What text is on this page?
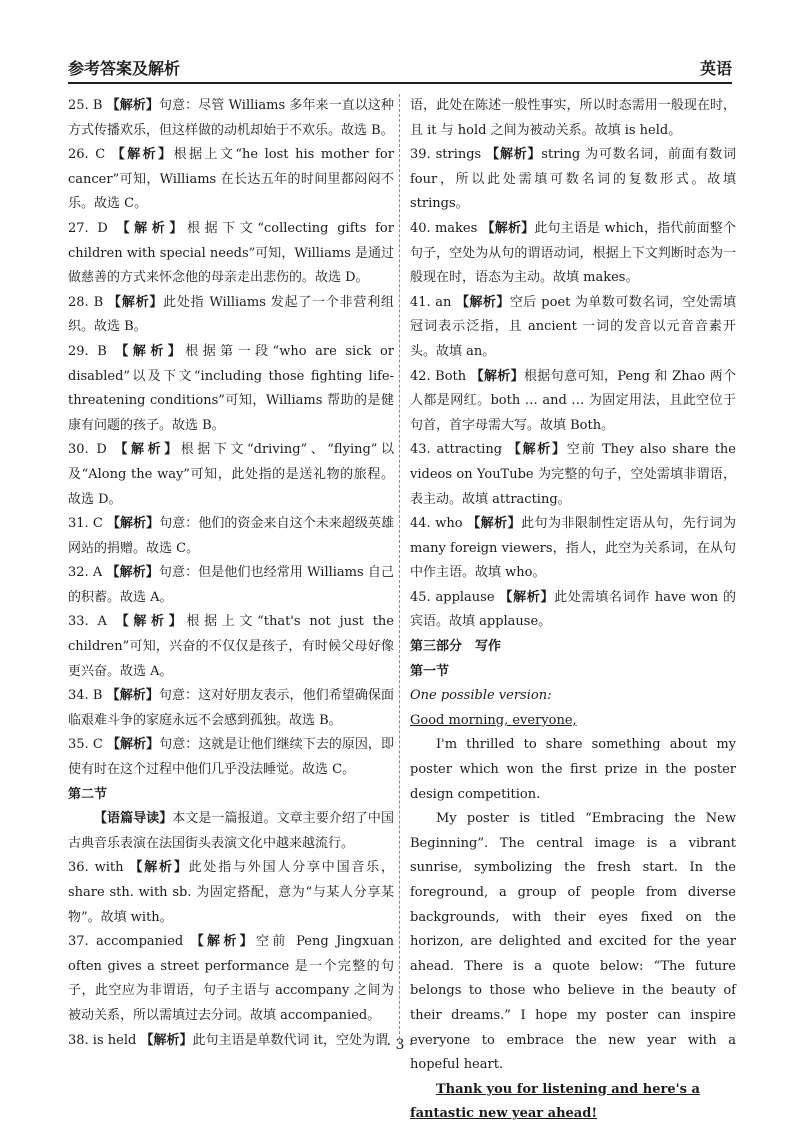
参考答案及解析	英语

25. B 【解析】句意：尽管 Williams 多年来一直以这种方式传播欢乐，但这样做的动机却始于不欢乐。故选 B。

26. C 【解析】根据上文“he lost his mother for cancer”可知，Williams 在长达五年的时间里都闷闷不乐。故选 C。

27. D 【解析】根据下文“collecting gifts for children with special needs”可知，Williams 是通过做慈善的方式来怀念他的母亲走出悲伤的。故选 D。

28. B 【解析】此处指 Williams 发起了一个非营利组织。故选 B。

29. B 【解析】根据第一段“who are sick or disabled”以及下文“including those fighting life-threatening conditions”可知，Williams 帮助的是健康有问题的孩子。故选 B。

30. D 【解析】根据下文“driving”、“flying”以及“Along the way”可知，此处指的是送礼物的旅程。故选 D。

31. C 【解析】句意：他们的资金来自这个未来超级英雄网站的捐赠。故选 C。

32. A 【解析】句意：但是他们也经常用 Williams 自己的积蓄。故选 A。

33. A 【解析】根据上文“that's not just the children”可知，兴奋的不仅仅是孩子，有时候父母好像更兴奋。故选 A。

34. B 【解析】句意：这对好朋友表示，他们希望确保面临艰难斗争的家庭永远不会感到孤独。故选 B。

35. C 【解析】句意：这就是让他们继续下去的原因，即使有时在这个过程中他们几乎没法睡觉。故选 C。

第二节

【语篇导读】本文是一篇报道。文章主要介绍了中国古典音乐表演在法国街头表演文化中越来越流行。

36. with 【解析】此处指与外国人分享中国音乐，share sth. with sb. 为固定搭配，意为“与某人分享某物”。故填 with。

37. accompanied 【解析】空前 Peng Jingxuan often gives a street performance 是一个完整的句子，此空应为非谓语，句子主语与 accompany 之间为被动关系，所以需填过去分词。故填 accompanied。

38. is held 【解析】此句主语是单数代词 it，空处为谓

语，此处在陈述一般性事实，所以时态需用一般现在时，且 it 与 hold 之间为被动关系。故填 is held。

39. strings 【解析】string 为可数名词，前面有数词 four，所以此处需填可数名词的复数形式。故填 strings。

40. makes 【解析】此句主语是 which，指代前面整个句子，空处为从句的谓语动词，根据上下文判断时态为一般现在时，语态为主动。故填 makes。

41. an 【解析】空后 poet 为单数可数名词，空处需填冠词表示泛指，且 ancient 一词的发音以元音音素开头。故填 an。

42. Both 【解析】根据句意可知，Peng 和 Zhao 两个人都是网红。both … and … 为固定用法，且此空位于句首，首字母需大写。故填 Both。

43. attracting 【解析】空前 They also share the videos on YouTube 为完整的句子，空处需填非谓语，表主动。故填 attracting。

44. who 【解析】此句为非限制性定语从句，先行词为 many foreign viewers，指人，此空为关系词，在从句中作主语。故填 who。

45. applause 【解析】此处需填名词作 have won 的宾语。故填 applause。

第三部分　写作

第一节

One possible version:

Good morning, everyone,

I'm thrilled to share something about my poster which won the first prize in the poster design competition.

My poster is titled “Embracing the New Beginning”. The central image is a vibrant sunrise, symbolizing the fresh start. In the foreground, a group of people from diverse backgrounds, with their eyes fixed on the horizon, are delighted and excited for the year ahead. There is a quote below: “The future belongs to those who believe in the beauty of their dreams.” I hope my poster can inspire everyone to embrace the new year with a hopeful heart.

Thank you for listening and here's a fantastic new year ahead!

· 3 ·
